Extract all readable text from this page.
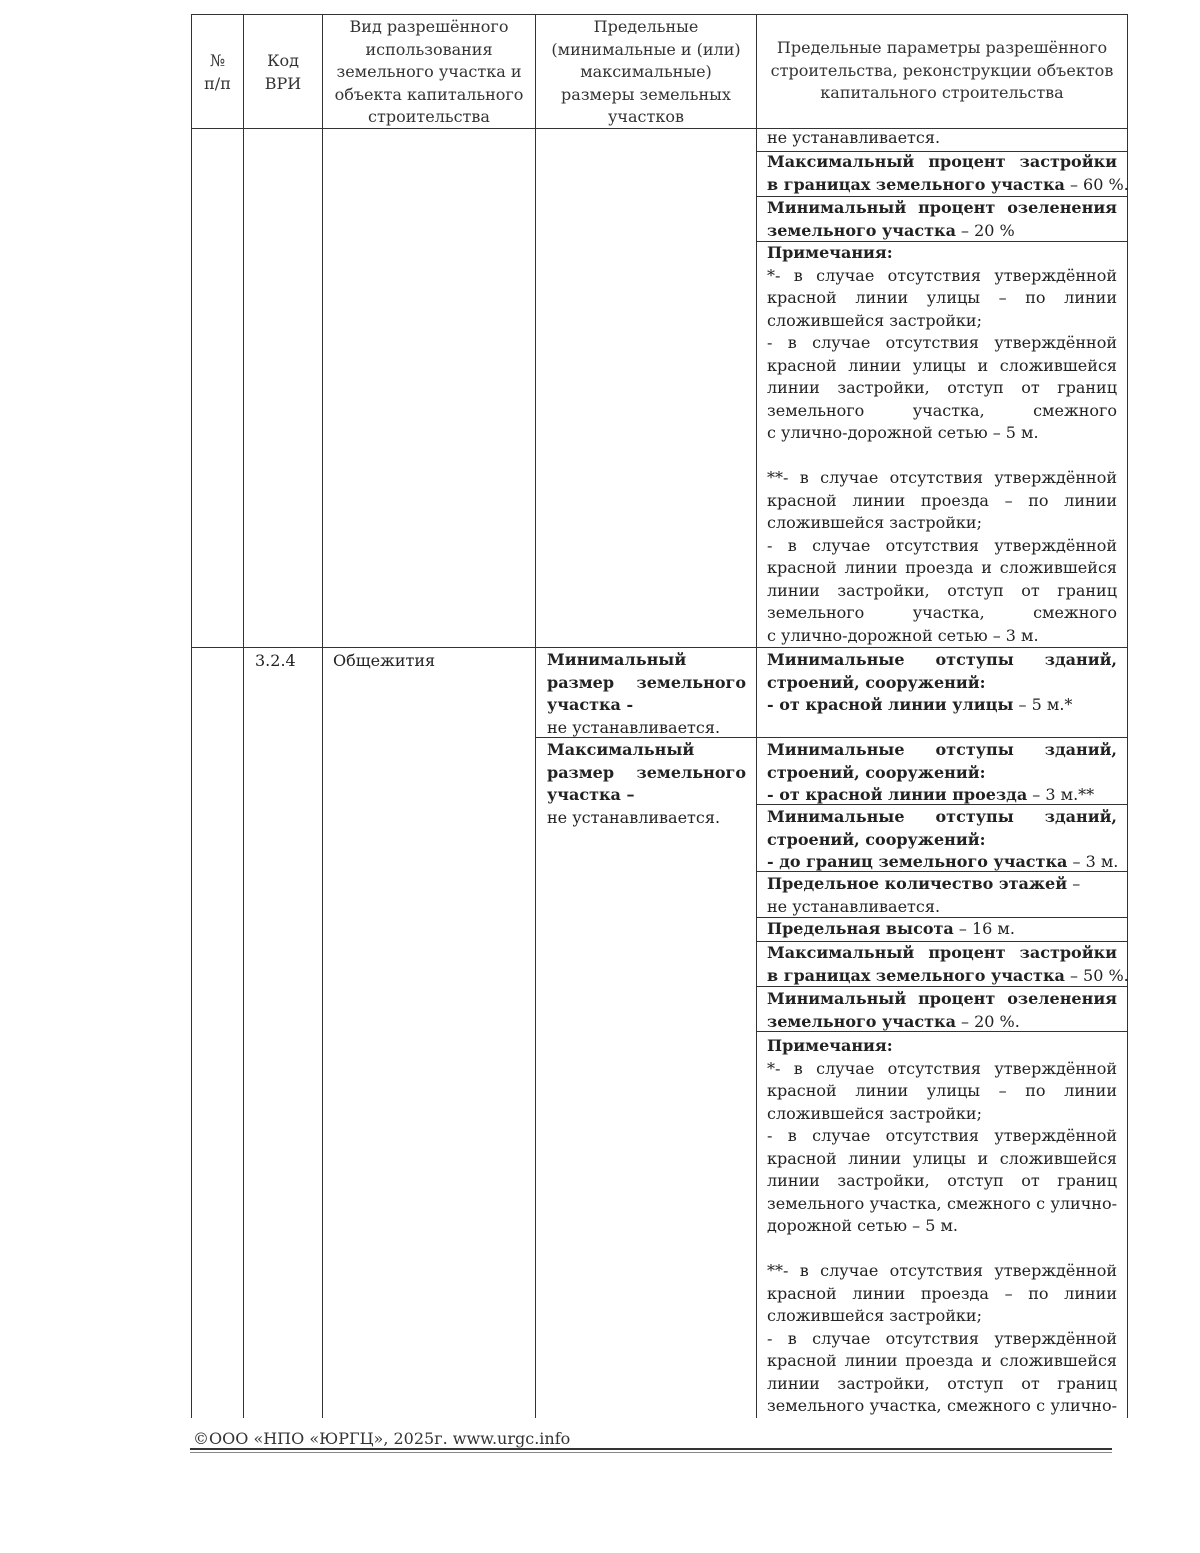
№
п/п
Код
ВРИ
Вид разрешённого
использования
земельного участка и
объекта капитального
строительства
Предельные
(минимальные и (или)
максимальные)
размеры земельных
участков
Предельные параметры разрешённого
строительства, реконструкции объектов
капитального строительства
не устанавливается.
Максимальный процент застройки
в границах земельного участка – 60 %.
Минимальный процент озеленения
земельного участка – 20 %
Примечания:
*- в случае отсутствия утверждённой
красной линии улицы – по линии
сложившейся застройки;
- в случае отсутствия утверждённой
красной линии улицы и сложившейся
линии застройки, отступ от границ
земельного участка, смежного
с улично-дорожной сетью – 5 м.
**- в случае отсутствия утверждённой
красной линии проезда – по линии
сложившейся застройки;
- в случае отсутствия утверждённой
красной линии проезда и сложившейся
линии застройки, отступ от границ
земельного участка, смежного
с улично-дорожной сетью – 3 м.
3.2.4 Общежития	Минимальный
размер земельного
участка -
не устанавливается.
Максимальный
размер земельного
участка –
не устанавливается.
Минимальные отступы зданий,
строений, сооружений:
- от красной линии улицы – 5 м.*
Минимальные отступы зданий,
строений, сооружений:
- от красной линии проезда – 3 м.**
Минимальные отступы зданий,
строений, сооружений:
- до границ земельного участка – 3 м.
Предельное количество этажей –
не устанавливается.
Предельная высота – 16 м.
Максимальный процент застройки
в границах земельного участка – 50 %.
Минимальный процент озеленения
земельного участка – 20 %.
Примечания:
*- в случае отсутствия утверждённой
красной линии улицы – по линии
сложившейся застройки;
- в случае отсутствия утверждённой
красной линии улицы и сложившейся
линии застройки, отступ от границ
земельного участка, смежного с улично-
дорожной сетью – 5 м.
**- в случае отсутствия утверждённой
красной линии проезда – по линии
сложившейся застройки;
- в случае отсутствия утверждённой
красной линии проезда и сложившейся
линии застройки, отступ от границ
земельного участка, смежного с улично-
©ООО «НПО «ЮРГЦ», 2025г. www.urgc.info
